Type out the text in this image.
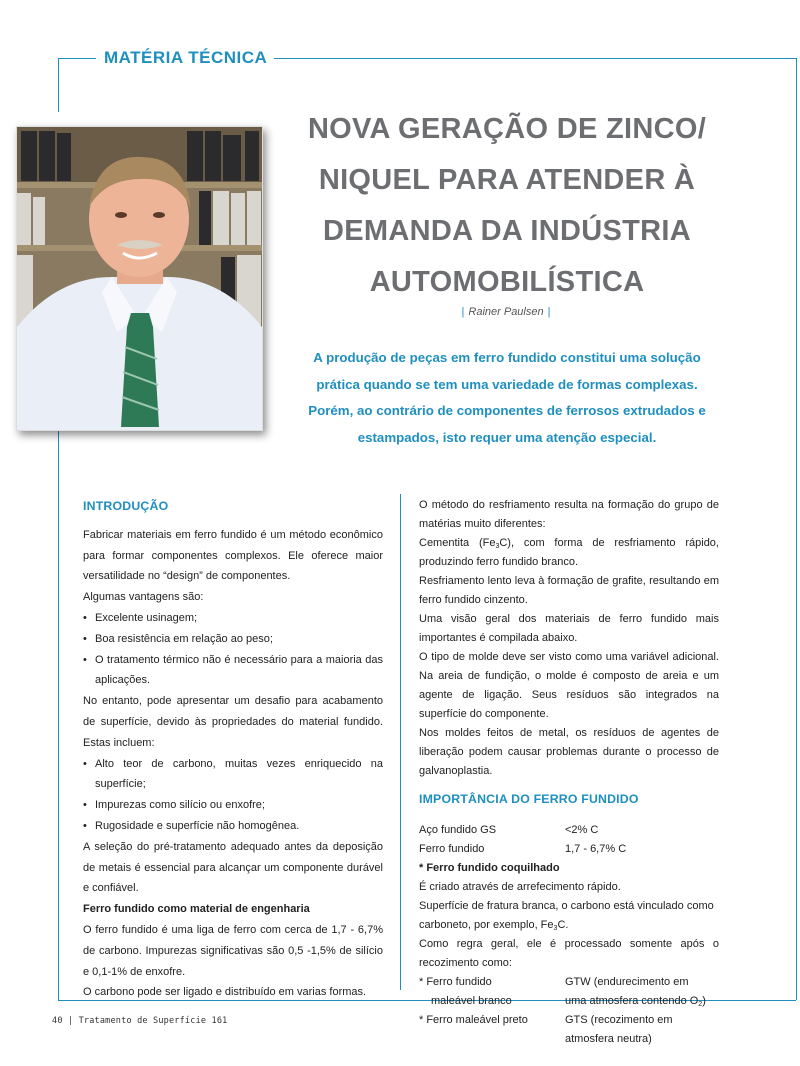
MATÉRIA TÉCNICA
NOVA GERAÇÃO DE ZINCO/
NIQUEL PARA ATENDER À
DEMANDA DA INDÚSTRIA
AUTOMOBILÍSTICA
| Rainer Paulsen |
A produção de peças em ferro fundido constitui uma solução
prática quando se tem uma variedade de formas complexas.
Porém, ao contrário de componentes de ferrosos extrudados e
estampados, isto requer uma atenção especial.
INTRODUÇÃO

Fabricar materiais em ferro fundido é um método econômico para formar componentes complexos. Ele oferece maior versatilidade no “design” de componentes.

Algumas vantagens são:

• Excelente usinagem;
• Boa resistência em relação ao peso;
• O tratamento térmico não é necessário para a maioria das aplicações.

No entanto, pode apresentar um desafio para acabamento de superfície, devido às propriedades do material fundido. Estas incluem:

• Alto teor de carbono, muitas vezes enriquecido na superfície;
• Impurezas como silício ou enxofre;
• Rugosidade e superfície não homogênea.

A seleção do pré-tratamento adequado antes da deposição de metais é essencial para alcançar um componente durável e confiável.

Ferro fundido como material de engenharia

O ferro fundido é uma liga de ferro com cerca de 1,7 - 6,7% de carbono. Impurezas significativas são 0,5 -1,5% de silício e 0,1-1% de enxofre.

O carbono pode ser ligado e distribuído em varias formas.

O método do resfriamento resulta na formação do grupo de matérias muito diferentes:

Cementita $(Fe_3C)$, com forma de resfriamento rápido, produzindo ferro fundido branco.

Resfriamento lento leva à formação de grafite, resultando em ferro fundido cinzento.

Uma visão geral dos materiais de ferro fundido mais importantes é compilada abaixo.

O tipo de molde deve ser visto como uma variável adicional. Na areia de fundição, o molde é composto de areia e um agente de ligação. Seus resíduos são integrados na superfície do componente.

Nos moldes feitos de metal, os resíduos de agentes de liberação podem causar problemas durante o processo de galvanoplastia.

IMPORTÂNCIA DO FERRO FUNDIDO
Aço fundido GS	<2% C
Ferro fundido	1,7 - 6,7% C

* Ferro fundido coquilhado

É criado através de arrefecimento rápido.

Superfície de fratura branca, o carbono está vinculado como carboneto, por exemplo, $Fe_3C$.

Como regra geral, ele é processado somente após o recozimento como:

* Ferro fundido	GTW (endurecimento em
maleável branco	uma atmosfera contendo $O_2$)
* Ferro maleável preto	GTS (recozimento em
atmosfera neutra)
40 | Tratamento de Superfície 161
